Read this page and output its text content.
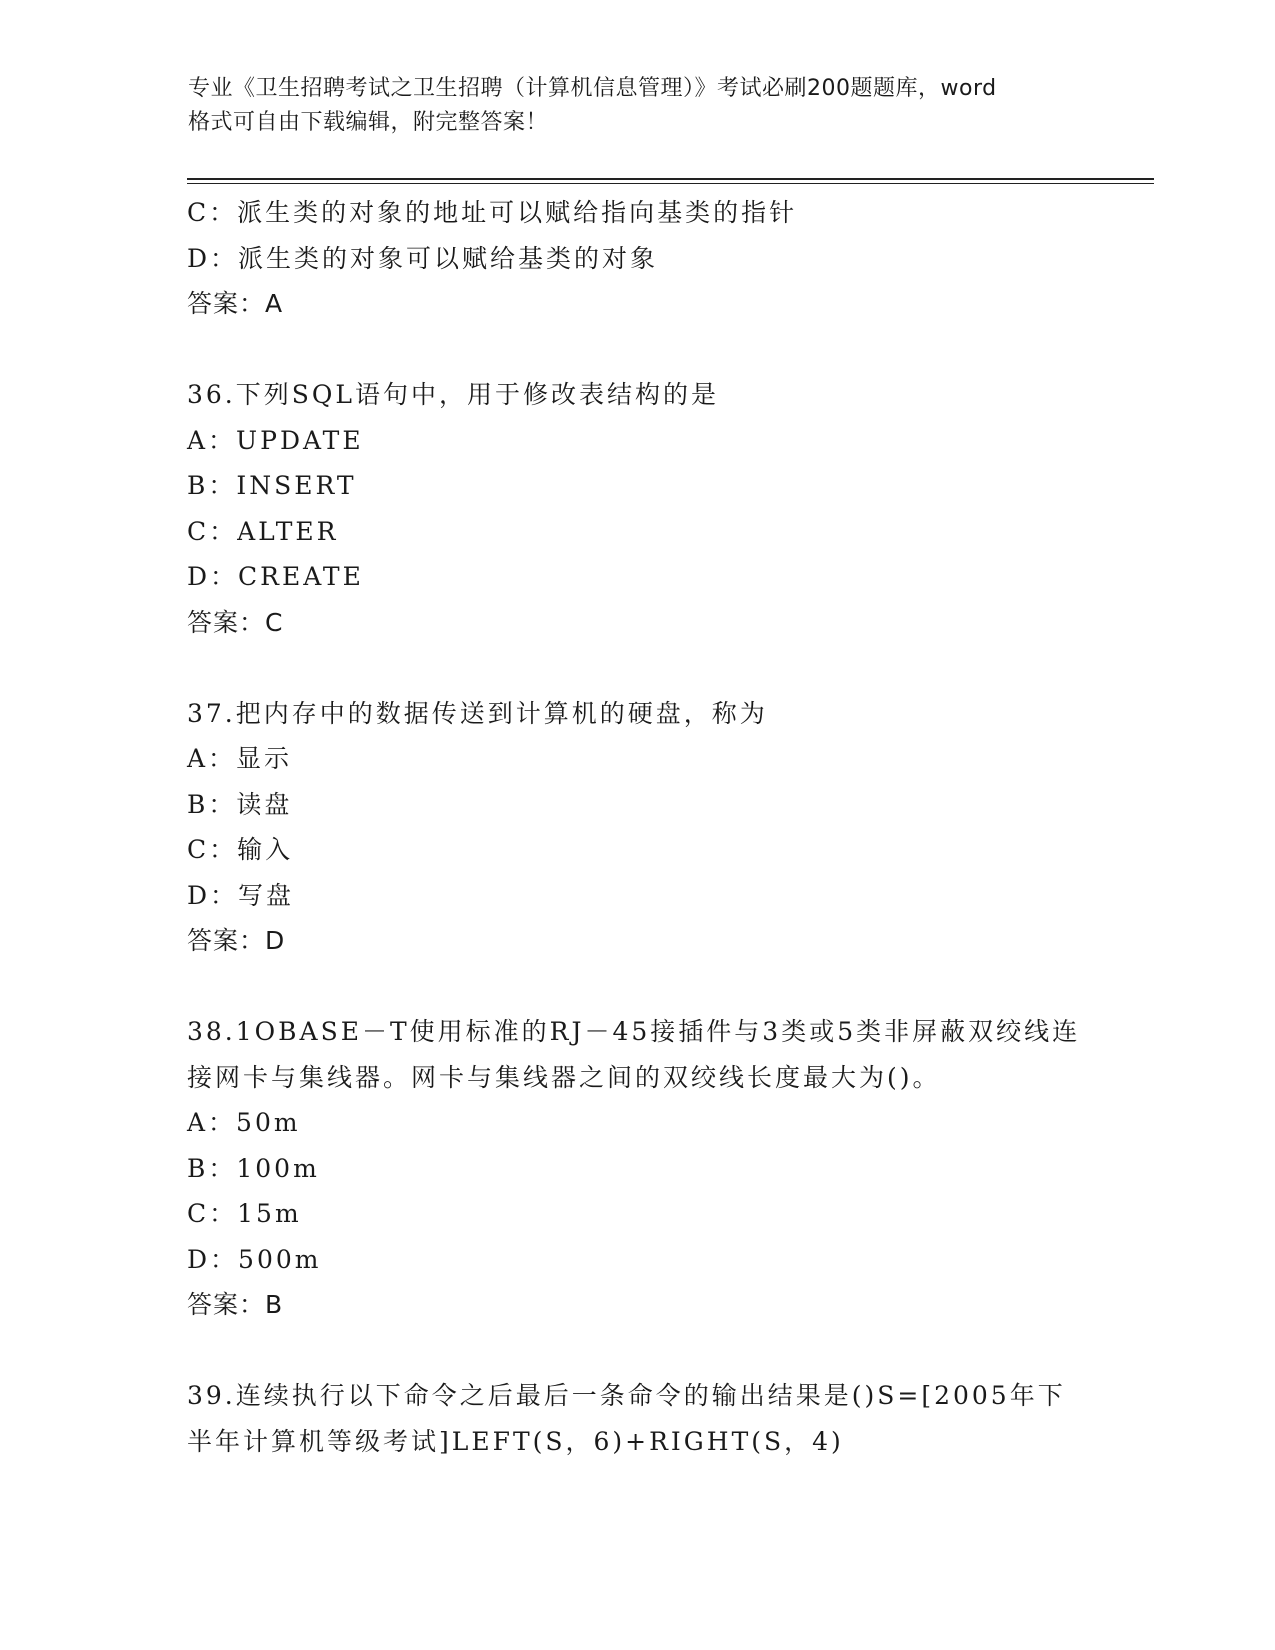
专业《卫生招聘考试之卫生招聘（计算机信息管理）》考试必刷200题题库，word
格式可自由下载编辑，附完整答案！
C：派生类的对象的地址可以赋给指向基类的指针
D：派生类的对象可以赋给基类的对象
答案：A
36.下列SQL语句中，用于修改表结构的是
A：UPDATE
B：INSERT
C：ALTER
D：CREATE
答案：C
37.把内存中的数据传送到计算机的硬盘，称为
A：显示
B：读盘
C：输入
D：写盘
答案：D
38.1OBASE－T使用标准的RJ－45接插件与3类或5类非屏蔽双绞线连接网卡与集线器。网卡与集线器之间的双绞线长度最大为()。
A：50m
B：100m
C：15m
D：500m
答案：B
39.连续执行以下命令之后最后一条命令的输出结果是()S=[2005年下半年计算机等级考试]LEFT(S，6)+RIGHT(S，4)
